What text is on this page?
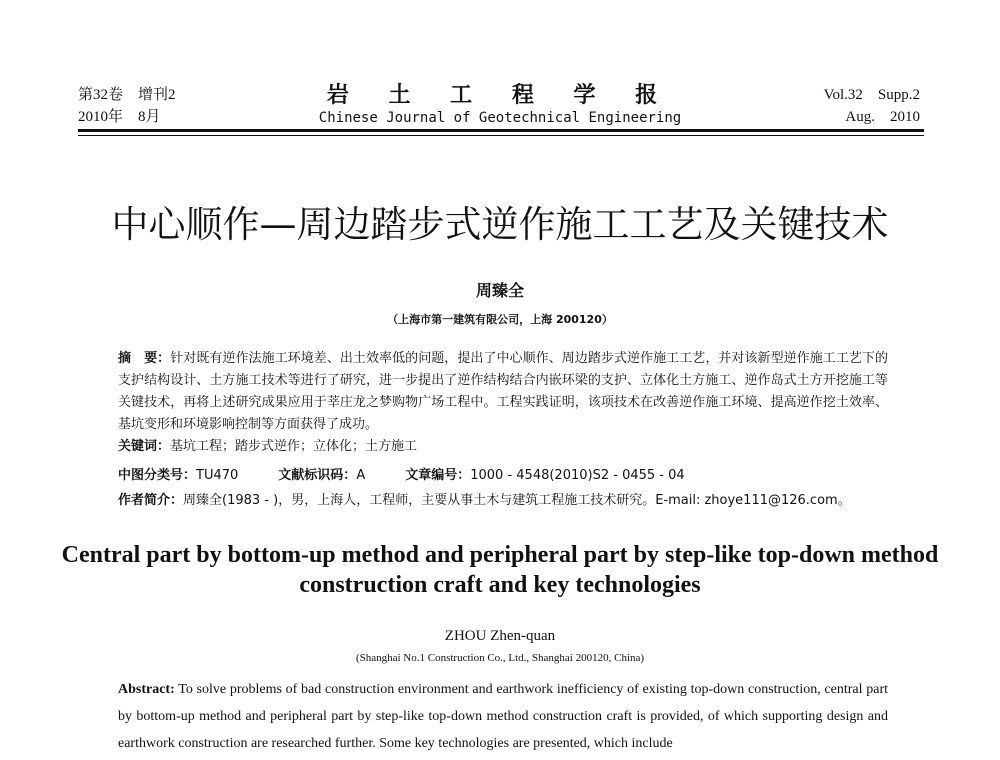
第32卷　增刊2
2010年　8月
岩 土 工 程 学 报
Chinese Journal of Geotechnical Engineering
Vol.32　Supp.2
Aug.　2010
中心顺作—周边踏步式逆作施工工艺及关键技术
周臻全
（上海市第一建筑有限公司，上海 200120）
摘　要：针对既有逆作法施工环境差、出土效率低的问题，提出了中心顺作、周边踏步式逆作施工工艺，并对该新型逆作施工工艺下的支护结构设计、土方施工技术等进行了研究，进一步提出了逆作结构结合内嵌环梁的支护、立体化土方施工、逆作岛式土方开挖施工等关键技术，再将上述研究成果应用于莘庄龙之梦购物广场工程中。工程实践证明，该项技术在改善逆作施工环境、提高逆作挖土效率、基坑变形和环境影响控制等方面获得了成功。
关键词：基坑工程；踏步式逆作；立体化；土方施工
中图分类号：TU470	文献标识码：A	文章编号：1000 - 4548(2010)S2 - 0455 - 04
作者简介：周臻全(1983 - )，男，上海人，工程师，主要从事土木与建筑工程施工技术研究。E-mail: zhoye111@126.com。
Central part by bottom-up method and peripheral part by step-like top-down method construction craft and key technologies
ZHOU Zhen-quan
(Shanghai No.1 Construction Co., Ltd., Shanghai 200120, China)
Abstract: To solve problems of bad construction environment and earthwork inefficiency of existing top-down construction, central part by bottom-up method and peripheral part by step-like top-down method construction craft is provided, of which supporting design and earthwork construction are researched further. Some key technologies are presented, which include
